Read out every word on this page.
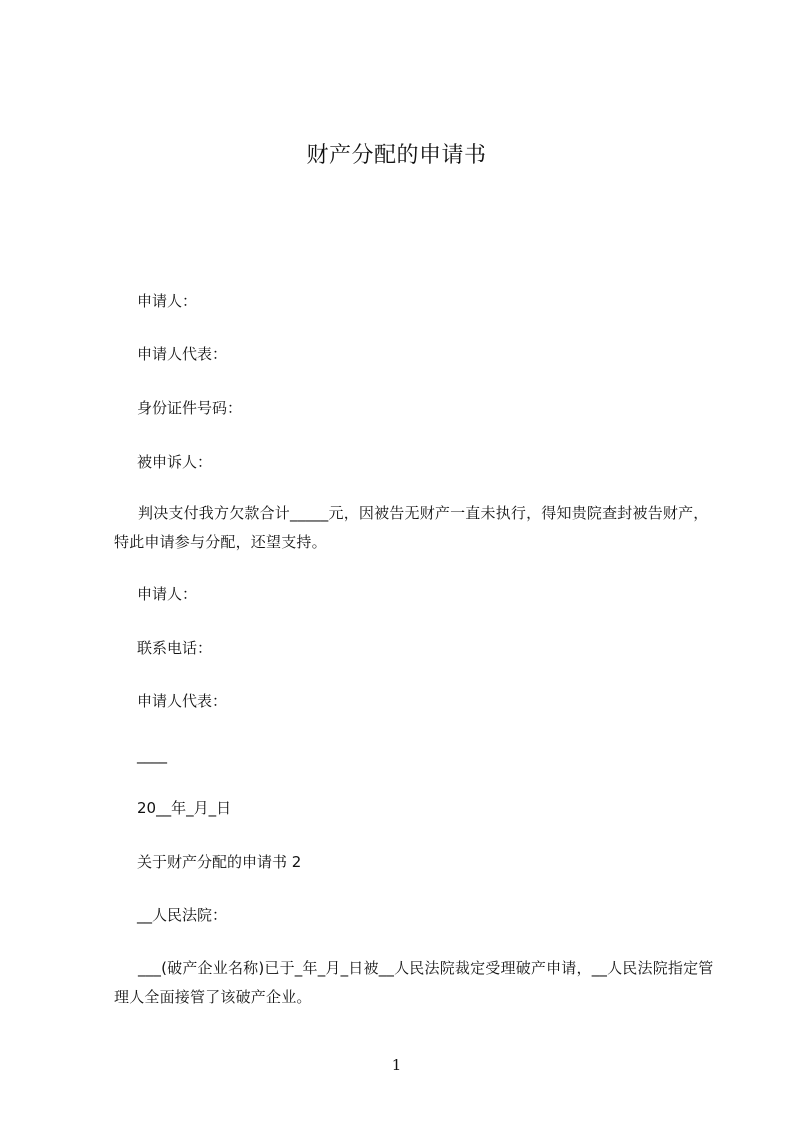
财产分配的申请书
申请人：
申请人代表：
身份证件号码：
被申诉人：
判决支付我方欠款合计_____元，因被告无财产一直未执行，得知贵院查封被告财产，特此申请参与分配，还望支持。
申请人：
联系电话：
申请人代表：
____
20__年_月_日
关于财产分配的申请书 2
__人民法院：
___(破产企业名称)已于_年_月_日被__人民法院裁定受理破产申请，__人民法院指定管理人全面接管了该破产企业。
1
